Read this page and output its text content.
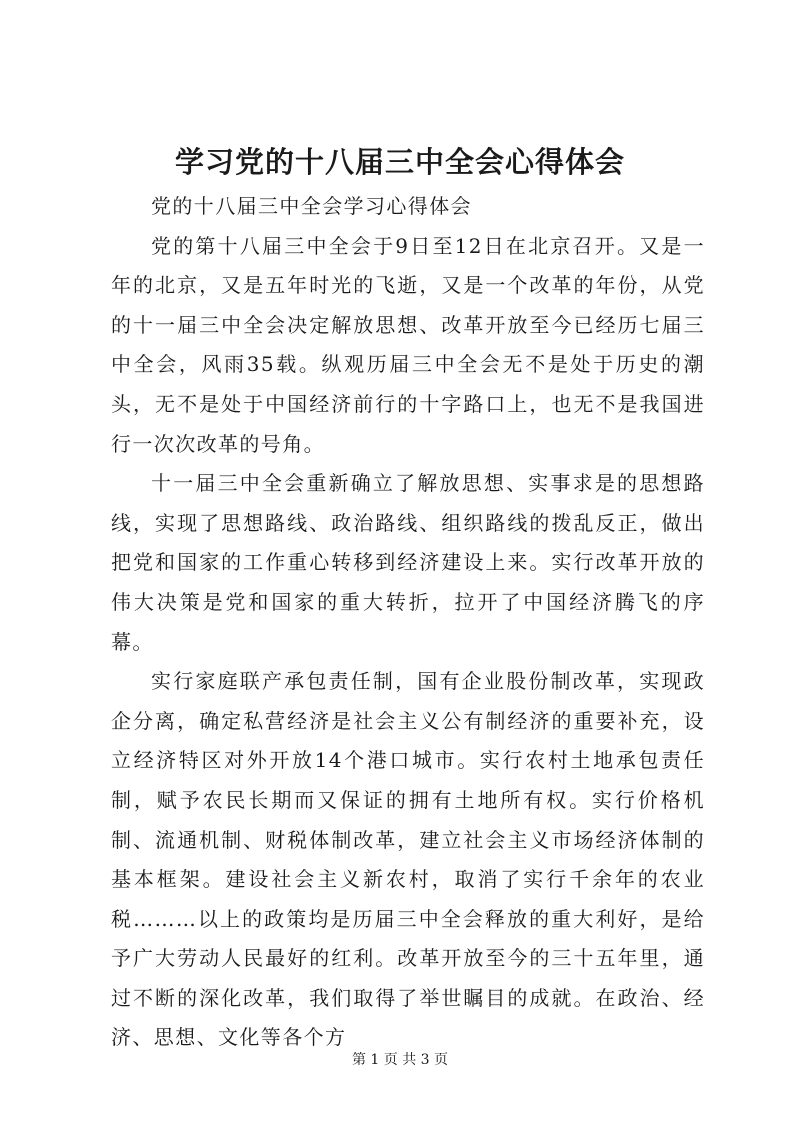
学习党的十八届三中全会心得体会

党的十八届三中全会学习心得体会

党的第十八届三中全会于9日至12日在北京召开。又是一年的北京，又是五年时光的飞逝，又是一个改革的年份，从党的十一届三中全会决定解放思想、改革开放至今已经历七届三中全会，风雨35载。纵观历届三中全会无不是处于历史的潮头，无不是处于中国经济前行的十字路口上，也无不是我国进行一次次改革的号角。

十一届三中全会重新确立了解放思想、实事求是的思想路线，实现了思想路线、政治路线、组织路线的拨乱反正，做出把党和国家的工作重心转移到经济建设上来。实行改革开放的伟大决策是党和国家的重大转折，拉开了中国经济腾飞的序幕。

实行家庭联产承包责任制，国有企业股份制改革，实现政企分离，确定私营经济是社会主义公有制经济的重要补充，设立经济特区对外开放14个港口城市。实行农村土地承包责任制，赋予农民长期而又保证的拥有土地所有权。实行价格机制、流通机制、财税体制改革，建立社会主义市场经济体制的基本框架。建设社会主义新农村，取消了实行千余年的农业税………以上的政策均是历届三中全会释放的重大利好，是给予广大劳动人民最好的红利。改革开放至今的三十五年里，通过不断的深化改革，我们取得了举世瞩目的成就。在政治、经济、思想、文化等各个方

第 1 页 共 3 页
